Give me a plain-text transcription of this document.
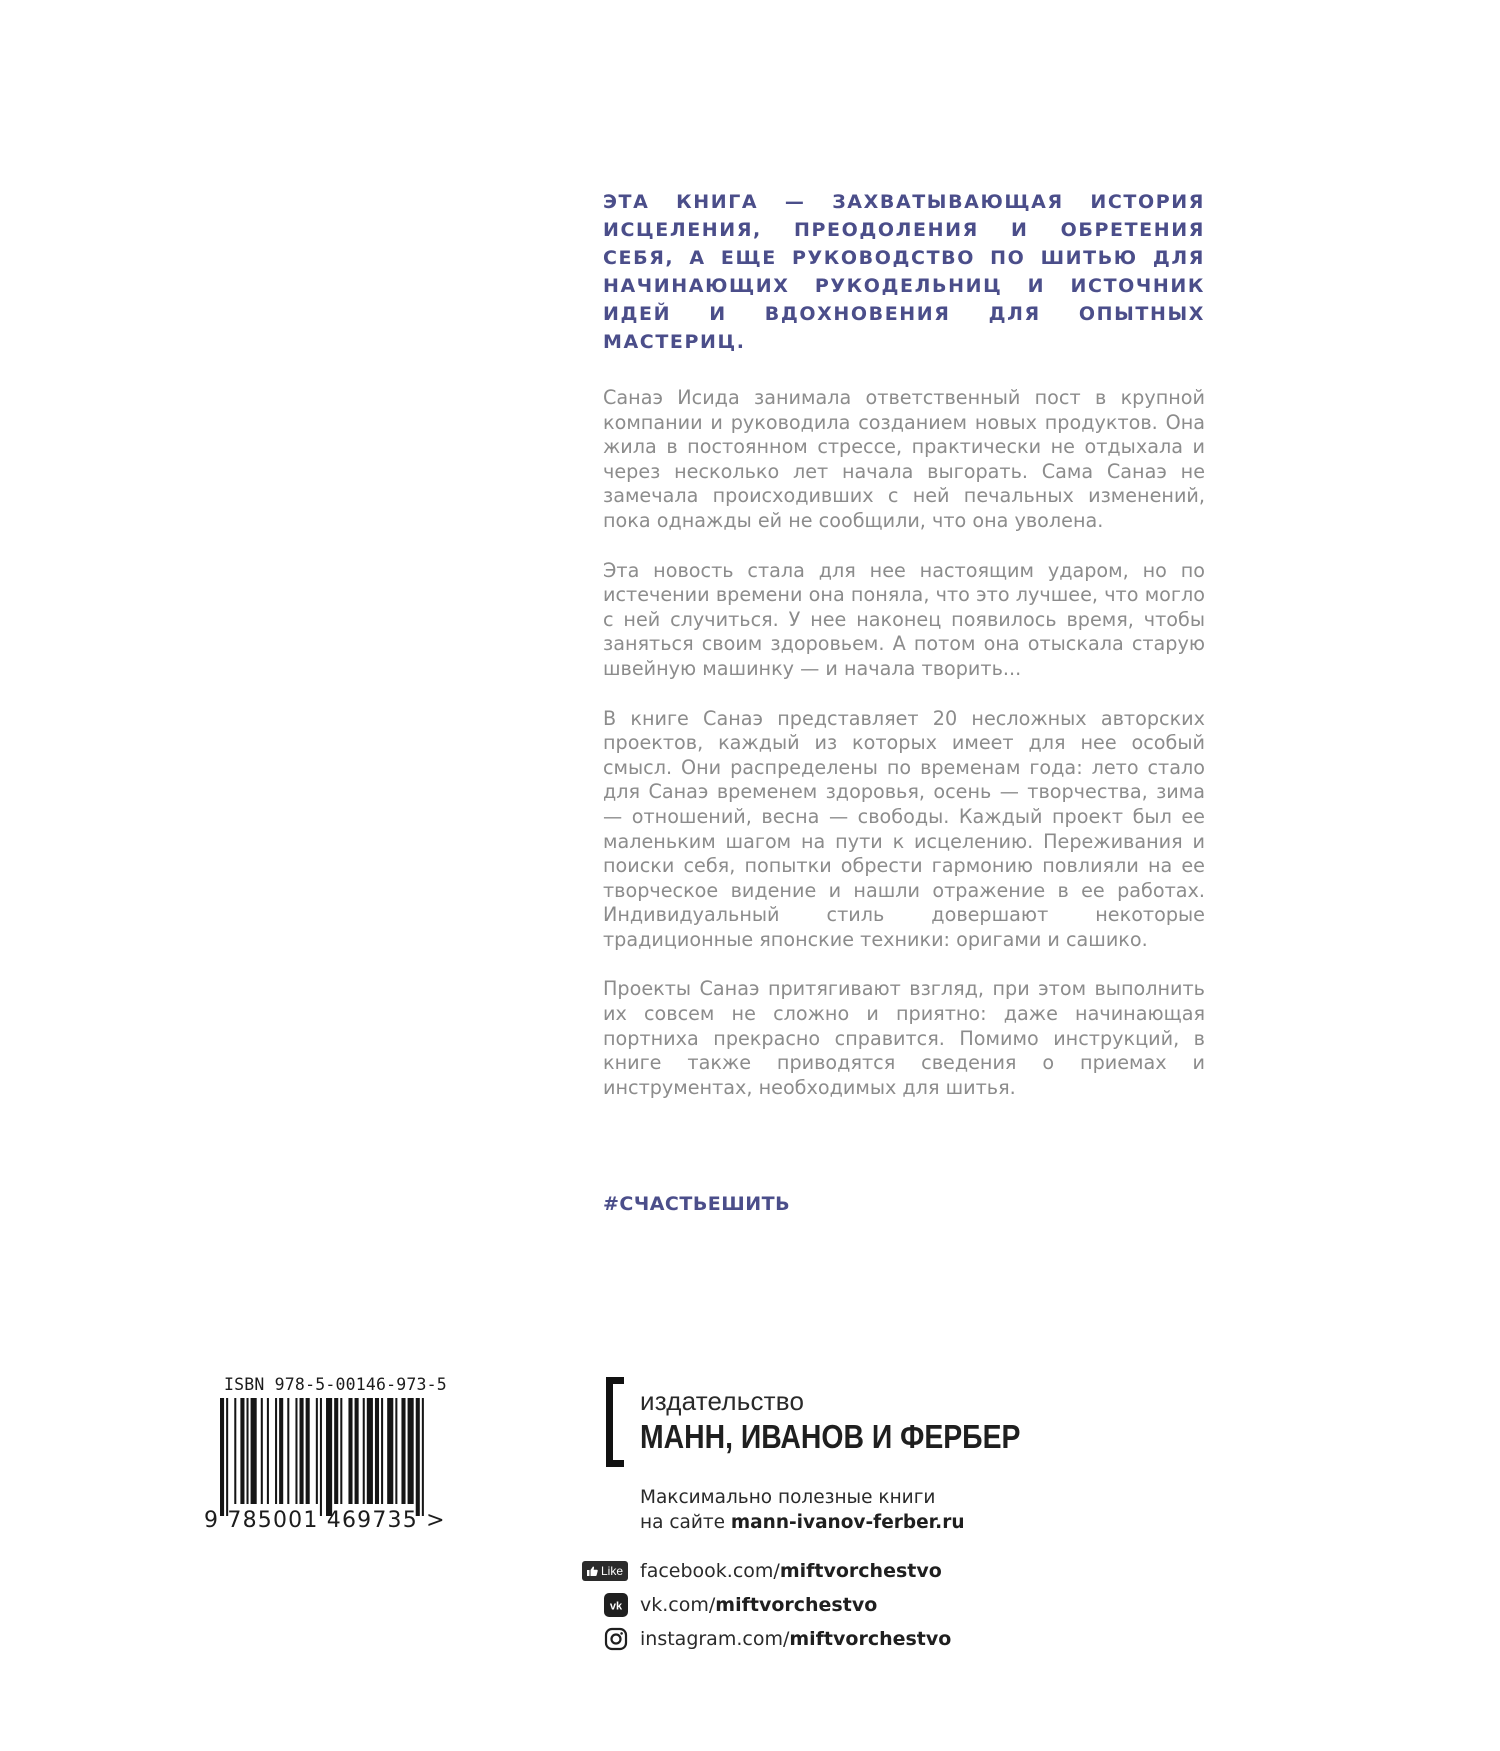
ЭТА КНИГА — ЗАХВАТЫВАЮЩАЯ ИСТОРИЯ ИСЦЕЛЕНИЯ, ПРЕОДОЛЕНИЯ И ОБРЕТЕНИЯ СЕБЯ, А ЕЩЕ РУКОВОДСТВО ПО ШИТЬЮ ДЛЯ НАЧИНАЮЩИХ РУКОДЕЛЬНИЦ И ИСТОЧНИК ИДЕЙ И ВДОХНОВЕНИЯ ДЛЯ ОПЫТНЫХ МАСТЕРИЦ.

Санаэ Исида занимала ответственный пост в крупной компании и руководила созданием новых продуктов. Она жила в постоянном стрессе, практически не отдыхала и через несколько лет начала выгорать. Сама Санаэ не замечала происходивших с ней печальных изменений, пока однажды ей не сообщили, что она уволена.

Эта новость стала для нее настоящим ударом, но по истечении времени она поняла, что это лучшее, что могло с ней случиться. У нее наконец появилось время, чтобы заняться своим здоровьем. А потом она отыскала старую швейную машинку — и начала творить...

В книге Санаэ представляет 20 несложных авторских проектов, каждый из которых имеет для нее особый смысл. Они распределены по временам года: лето стало для Санаэ временем здоровья, осень — творчества, зима — отношений, весна — свободы. Каждый проект был ее маленьким шагом на пути к исцелению. Переживания и поиски себя, попытки обрести гармонию повлияли на ее творческое видение и нашли отражение в ее работах. Индивидуальный стиль довершают некоторые традиционные японские техники: оригами и сашико.

Проекты Санаэ притягивают взгляд, при этом выполнить их совсем не сложно и приятно: даже начинающая портниха прекрасно справится. Помимо инструкций, в книге также приводятся сведения о приемах и инструментах, необходимых для шитья.

#СЧАСТЬЕШИТЬ
ISBN 978-5-00146-973-5
9 785001 469735 >
издательство
МАНН, ИВАНОВ И ФЕРБЕР
Максимально полезные книги
на сайте mann-ivanov-ferber.ru
Like facebook.com/ miftvorchestvo
vk vk.com/ miftvorchestvo
instagram.com/ miftvorchestvo
